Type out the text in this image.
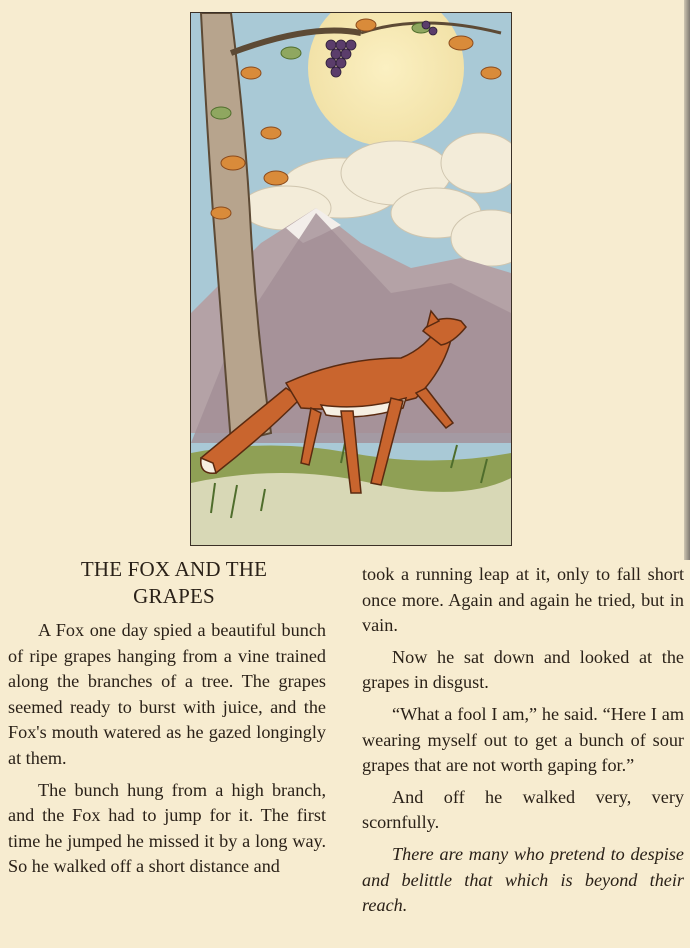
THE FOX AND THE
GRAPES

A Fox one day spied a beautiful bunch of ripe grapes hanging from a vine trained along the branches of a tree. The grapes seemed ready to burst with juice, and the Fox's mouth watered as he gazed longingly at them.

The bunch hung from a high branch, and the Fox had to jump for it. The first time he jumped he missed it by a long way. So he walked off a short distance and

took a running leap at it, only to fall short once more. Again and again he tried, but in vain.

Now he sat down and looked at the grapes in disgust.

“What a fool I am,” he said. “Here I am wearing myself out to get a bunch of sour grapes that are not worth gaping for.”

And off he walked very, very scornfully.

There are many who pretend to despise and belittle that which is beyond their reach.
